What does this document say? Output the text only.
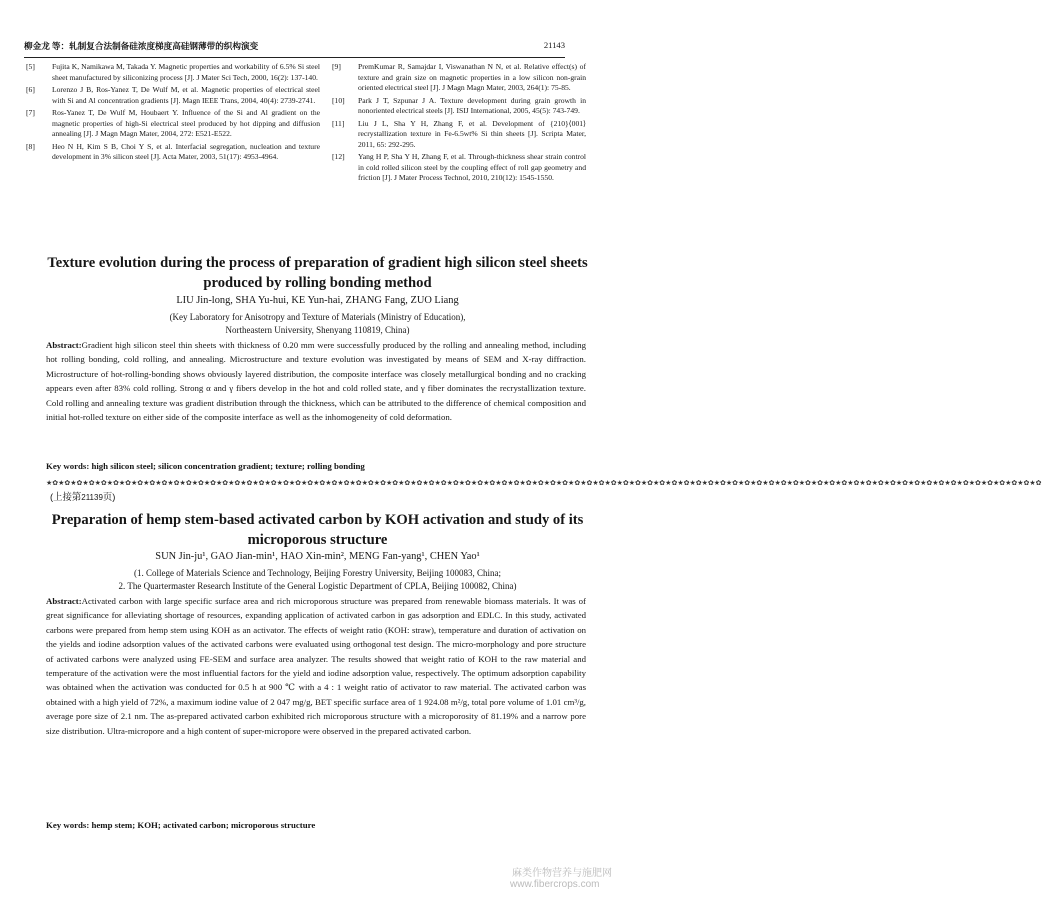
柳金龙 等：轧制复合法制备硅浓度梯度高硅钢薄带的织构演变	21143
[5]	Fujita K, Namikawa M, Takada Y. Magnetic properties and workability of 6.5% Si steel sheet manufactured by siliconizing process [J]. J Mater Sci Tech, 2000, 16(2): 137-140.
[6]	Lorenzo J B, Ros-Yanez T, De Wulf M, et al. Magnetic properties of electrical steel with Si and Al concentration gradients [J]. Magn IEEE Trans, 2004, 40(4): 2739-2741.
[7]	Ros-Yanez T, De Wulf M, Houbaert Y. Influence of the Si and Al gradient on the magnetic properties of high-Si electrical steel produced by hot dipping and diffusion annealing [J]. J Magn Magn Mater, 2004, 272: E521-E522.
[8]	Heo N H, Kim S B, Choi Y S, et al. Interfacial segregation, nucleation and texture development in 3% silicon steel [J]. Acta Mater, 2003, 51(17): 4953-4964.
[9]	PremKumar R, Samajdar I, Viswanathan N N, et al. Relative effect(s) of texture and grain size on magnetic properties in a low silicon non-grain oriented electrical steel [J]. J Magn Magn Mater, 2003, 264(1): 75-85.
[10]	Park J T, Szpunar J A. Texture development during grain growth in nonoriented electrical steels [J]. ISIJ International, 2005, 45(5): 743-749.
[11]	Liu J L, Sha Y H, Zhang F, et al. Development of {210}⟨001⟩ recrystallization texture in Fe-6.5wt% Si thin sheets [J]. Scripta Mater, 2011, 65: 292-295.
[12]	Yang H P, Sha Y H, Zhang F, et al. Through-thickness shear strain control in cold rolled silicon steel by the coupling effect of roll gap geometry and friction [J]. J Mater Process Technol, 2010, 210(12): 1545-1550.
Texture evolution during the process of preparation of gradient high silicon steel sheets produced by rolling bonding method
LIU Jin-long, SHA Yu-hui, KE Yun-hai, ZHANG Fang, ZUO Liang
(Key Laboratory for Anisotropy and Texture of Materials (Ministry of Education),
Northeastern University, Shenyang 110819, China)
Abstract:Gradient high silicon steel thin sheets with thickness of 0.20 mm were successfully produced by the rolling and annealing method, including hot rolling bonding, cold rolling, and annealing. Microstructure and texture evolution was investigated by means of SEM and X-ray diffraction. Microstructure of hot-rolling-bonding shows obviously layered distribution, the composite interface was closely metallurgical bonding and no cracking appears even after 83% cold rolling. Strong α and γ fibers develop in the hot and cold rolled state, and γ fiber dominates the recrystallization texture. Cold rolling and annealing texture was gradient distribution through the thickness, which can be attributed to the difference of chemical composition and initial hot-rolled texture on either side of the composite interface as well as the inhomogeneity of cold deformation.
Key words: high silicon steel; silicon concentration gradient; texture; rolling bonding
★✿★✿★✿★✿★✿★✿★✿★✿★✿★✿★✿★✿★✿★✿★✿★✿★✿★✿★✿★✿★✿★✿★✿★✿★✿★✿★✿★✿★✿★✿★✿★✿★✿★✿★✿★✿★✿★✿★✿★✿★✿★✿★✿★✿★✿★✿★✿★✿★✿★✿★✿★✿★✿★✿★✿★✿★✿★✿★✿★✿★✿★✿★✿★✿★✿★✿★✿★✿★✿★✿★✿★✿★✿★✿★✿★✿★✿★✿★✿★✿★✿★✿
(上接第21139页)
Preparation of hemp stem-based activated carbon by KOH activation and study of its microporous structure
SUN Jin-ju¹, GAO Jian-min¹, HAO Xin-min², MENG Fan-yang¹, CHEN Yao¹
(1. College of Materials Science and Technology, Beijing Forestry University, Beijing 100083, China;
2. The Quartermaster Research Institute of the General Logistic Department of CPLA, Beijing 100082, China)
Abstract:Activated carbon with large specific surface area and rich microporous structure was prepared from renewable biomass materials. It was of great significance for alleviating shortage of resources, expanding application of activated carbon in gas adsorption and EDLC. In this study, activated carbons were prepared from hemp stem using KOH as an activator. The effects of weight ratio (KOH: straw), temperature and duration of activation on the yields and iodine adsorption values of the activated carbons were evaluated using orthogonal test design. The micro-morphology and pore structure of activated carbons were analyzed using FE-SEM and surface area analyzer. The results showed that weight ratio of KOH to the raw material and temperature of the activation were the most influential factors for the yield and iodine adsorption value, respectively. The optimum adsorption capability was obtained when the activation was conducted for 0.5 h at 900 ℃ with a 4 : 1 weight ratio of activator to raw material. The activated carbon was obtained with a high yield of 72%, a maximum iodine value of 2 047 mg/g, BET specific surface area of 1 924.08 m²/g, total pore volume of 1.01 cm³/g, average pore size of 2.1 nm. The as-prepared activated carbon exhibited rich microporous structure with a microporosity of 81.19% and a narrow pore size distribution. Ultra-micropore and a high content of super-micropore were observed in the prepared activated carbon.
Key words: hemp stem; KOH; activated carbon; microporous structure
麻类作物营养与施肥网
www.fibercrops.com
